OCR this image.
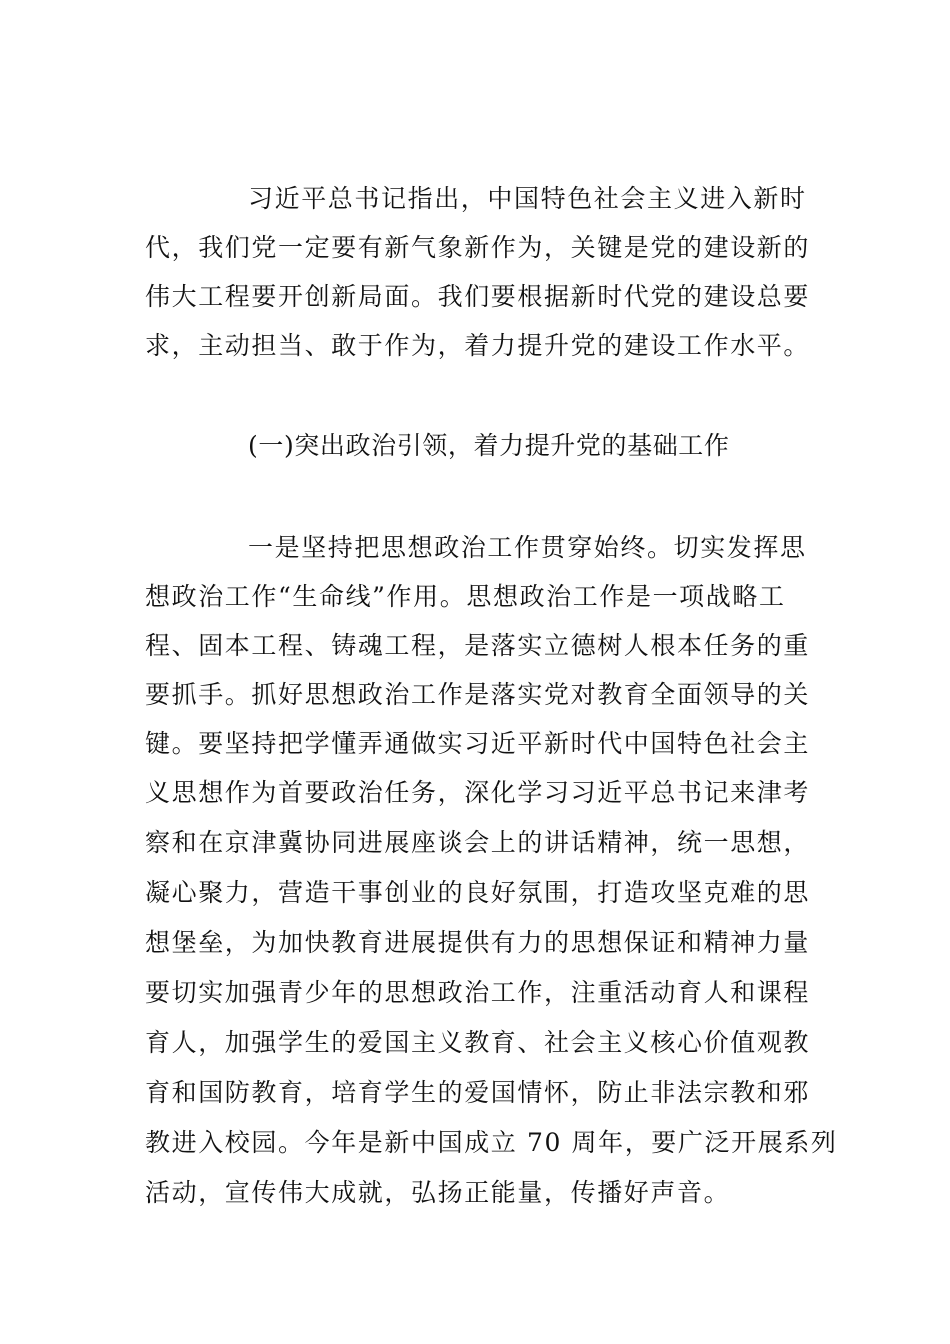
习近平总书记指出，中国特色社会主义进入新时
代，我们党一定要有新气象新作为，关键是党的建设新的
伟大工程要开创新局面。我们要根据新时代党的建设总要
求，主动担当、敢于作为，着力提升党的建设工作水平。
(一)突出政治引领，着力提升党的基础工作
一是坚持把思想政治工作贯穿始终。切实发挥思
想政治工作“生命线”作用。思想政治工作是一项战略工
程、固本工程、铸魂工程，是落实立德树人根本任务的重
要抓手。抓好思想政治工作是落实党对教育全面领导的关
键。要坚持把学懂弄通做实习近平新时代中国特色社会主
义思想作为首要政治任务，深化学习习近平总书记来津考
察和在京津冀协同进展座谈会上的讲话精神，统一思想，
凝心聚力，营造干事创业的良好氛围，打造攻坚克难的思
想堡垒，为加快教育进展提供有力的思想保证和精神力量
要切实加强青少年的思想政治工作，注重活动育人和课程
育人，加强学生的爱国主义教育、社会主义核心价值观教
育和国防教育，培育学生的爱国情怀，防止非法宗教和邪
教进入校园。今年是新中国成立 70 周年，要广泛开展系列
活动，宣传伟大成就，弘扬正能量，传播好声音。
